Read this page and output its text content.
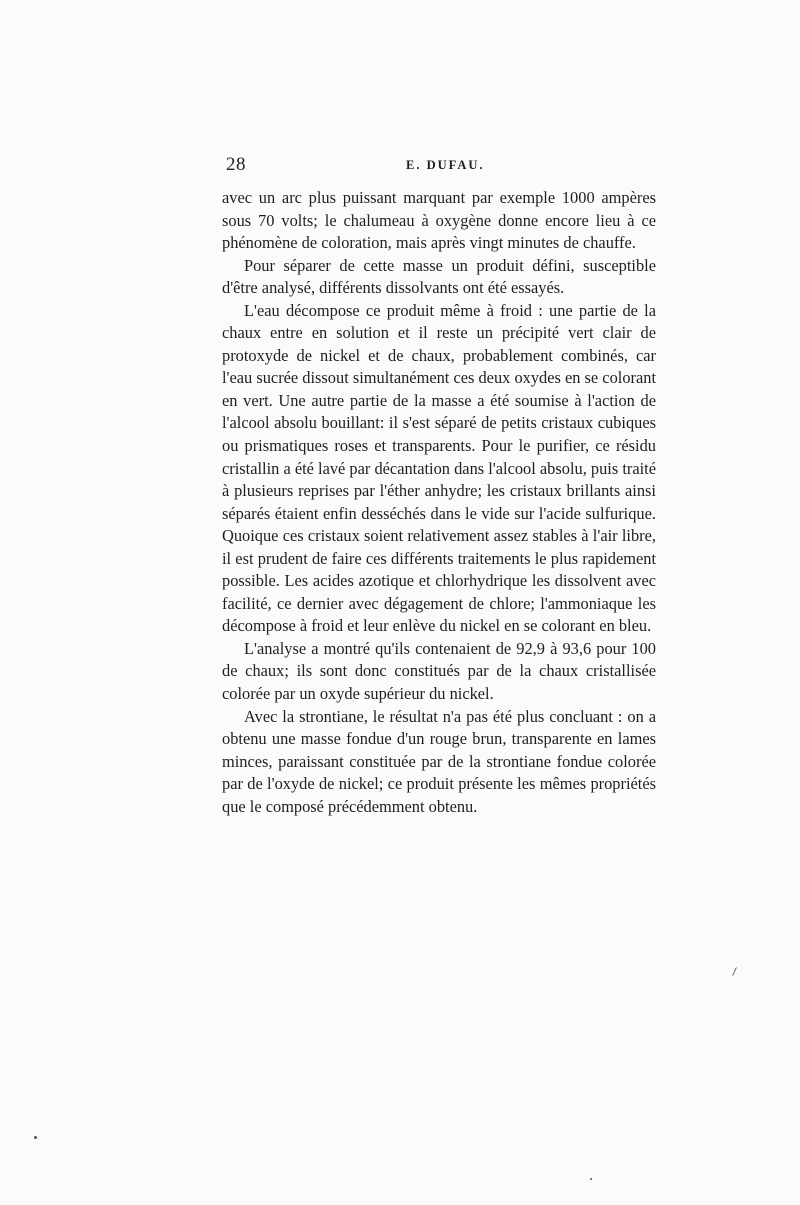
28	E. DUFAU.

avec un arc plus puissant marquant par exemple 1000 ampères sous 70 volts; le chalumeau à oxygène donne encore lieu à ce phénomène de coloration, mais après vingt minutes de chauffe.

Pour séparer de cette masse un produit défini, susceptible d'être analysé, différents dissolvants ont été essayés.

L'eau décompose ce produit même à froid : une partie de la chaux entre en solution et il reste un précipité vert clair de protoxyde de nickel et de chaux, probablement combinés, car l'eau sucrée dissout simultanément ces deux oxydes en se colorant en vert. Une autre partie de la masse a été soumise à l'action de l'alcool absolu bouillant: il s'est séparé de petits cristaux cubiques ou prismatiques roses et transparents. Pour le purifier, ce résidu cristallin a été lavé par décantation dans l'alcool absolu, puis traité à plusieurs reprises par l'éther anhydre; les cristaux brillants ainsi séparés étaient enfin desséchés dans le vide sur l'acide sulfurique. Quoique ces cristaux soient relativement assez stables à l'air libre, il est prudent de faire ces différents traitements le plus rapidement possible. Les acides azotique et chlorhydrique les dissolvent avec facilité, ce dernier avec dégagement de chlore; l'ammoniaque les décompose à froid et leur enlève du nickel en se colorant en bleu.

L'analyse a montré qu'ils contenaient de 92,9 à 93,6 pour 100 de chaux; ils sont donc constitués par de la chaux cristallisée colorée par un oxyde supérieur du nickel.

Avec la strontiane, le résultat n'a pas été plus concluant : on a obtenu une masse fondue d'un rouge brun, transparente en lames minces, paraissant constituée par de la strontiane fondue colorée par de l'oxyde de nickel; ce produit présente les mêmes propriétés que le composé précédemment obtenu.
